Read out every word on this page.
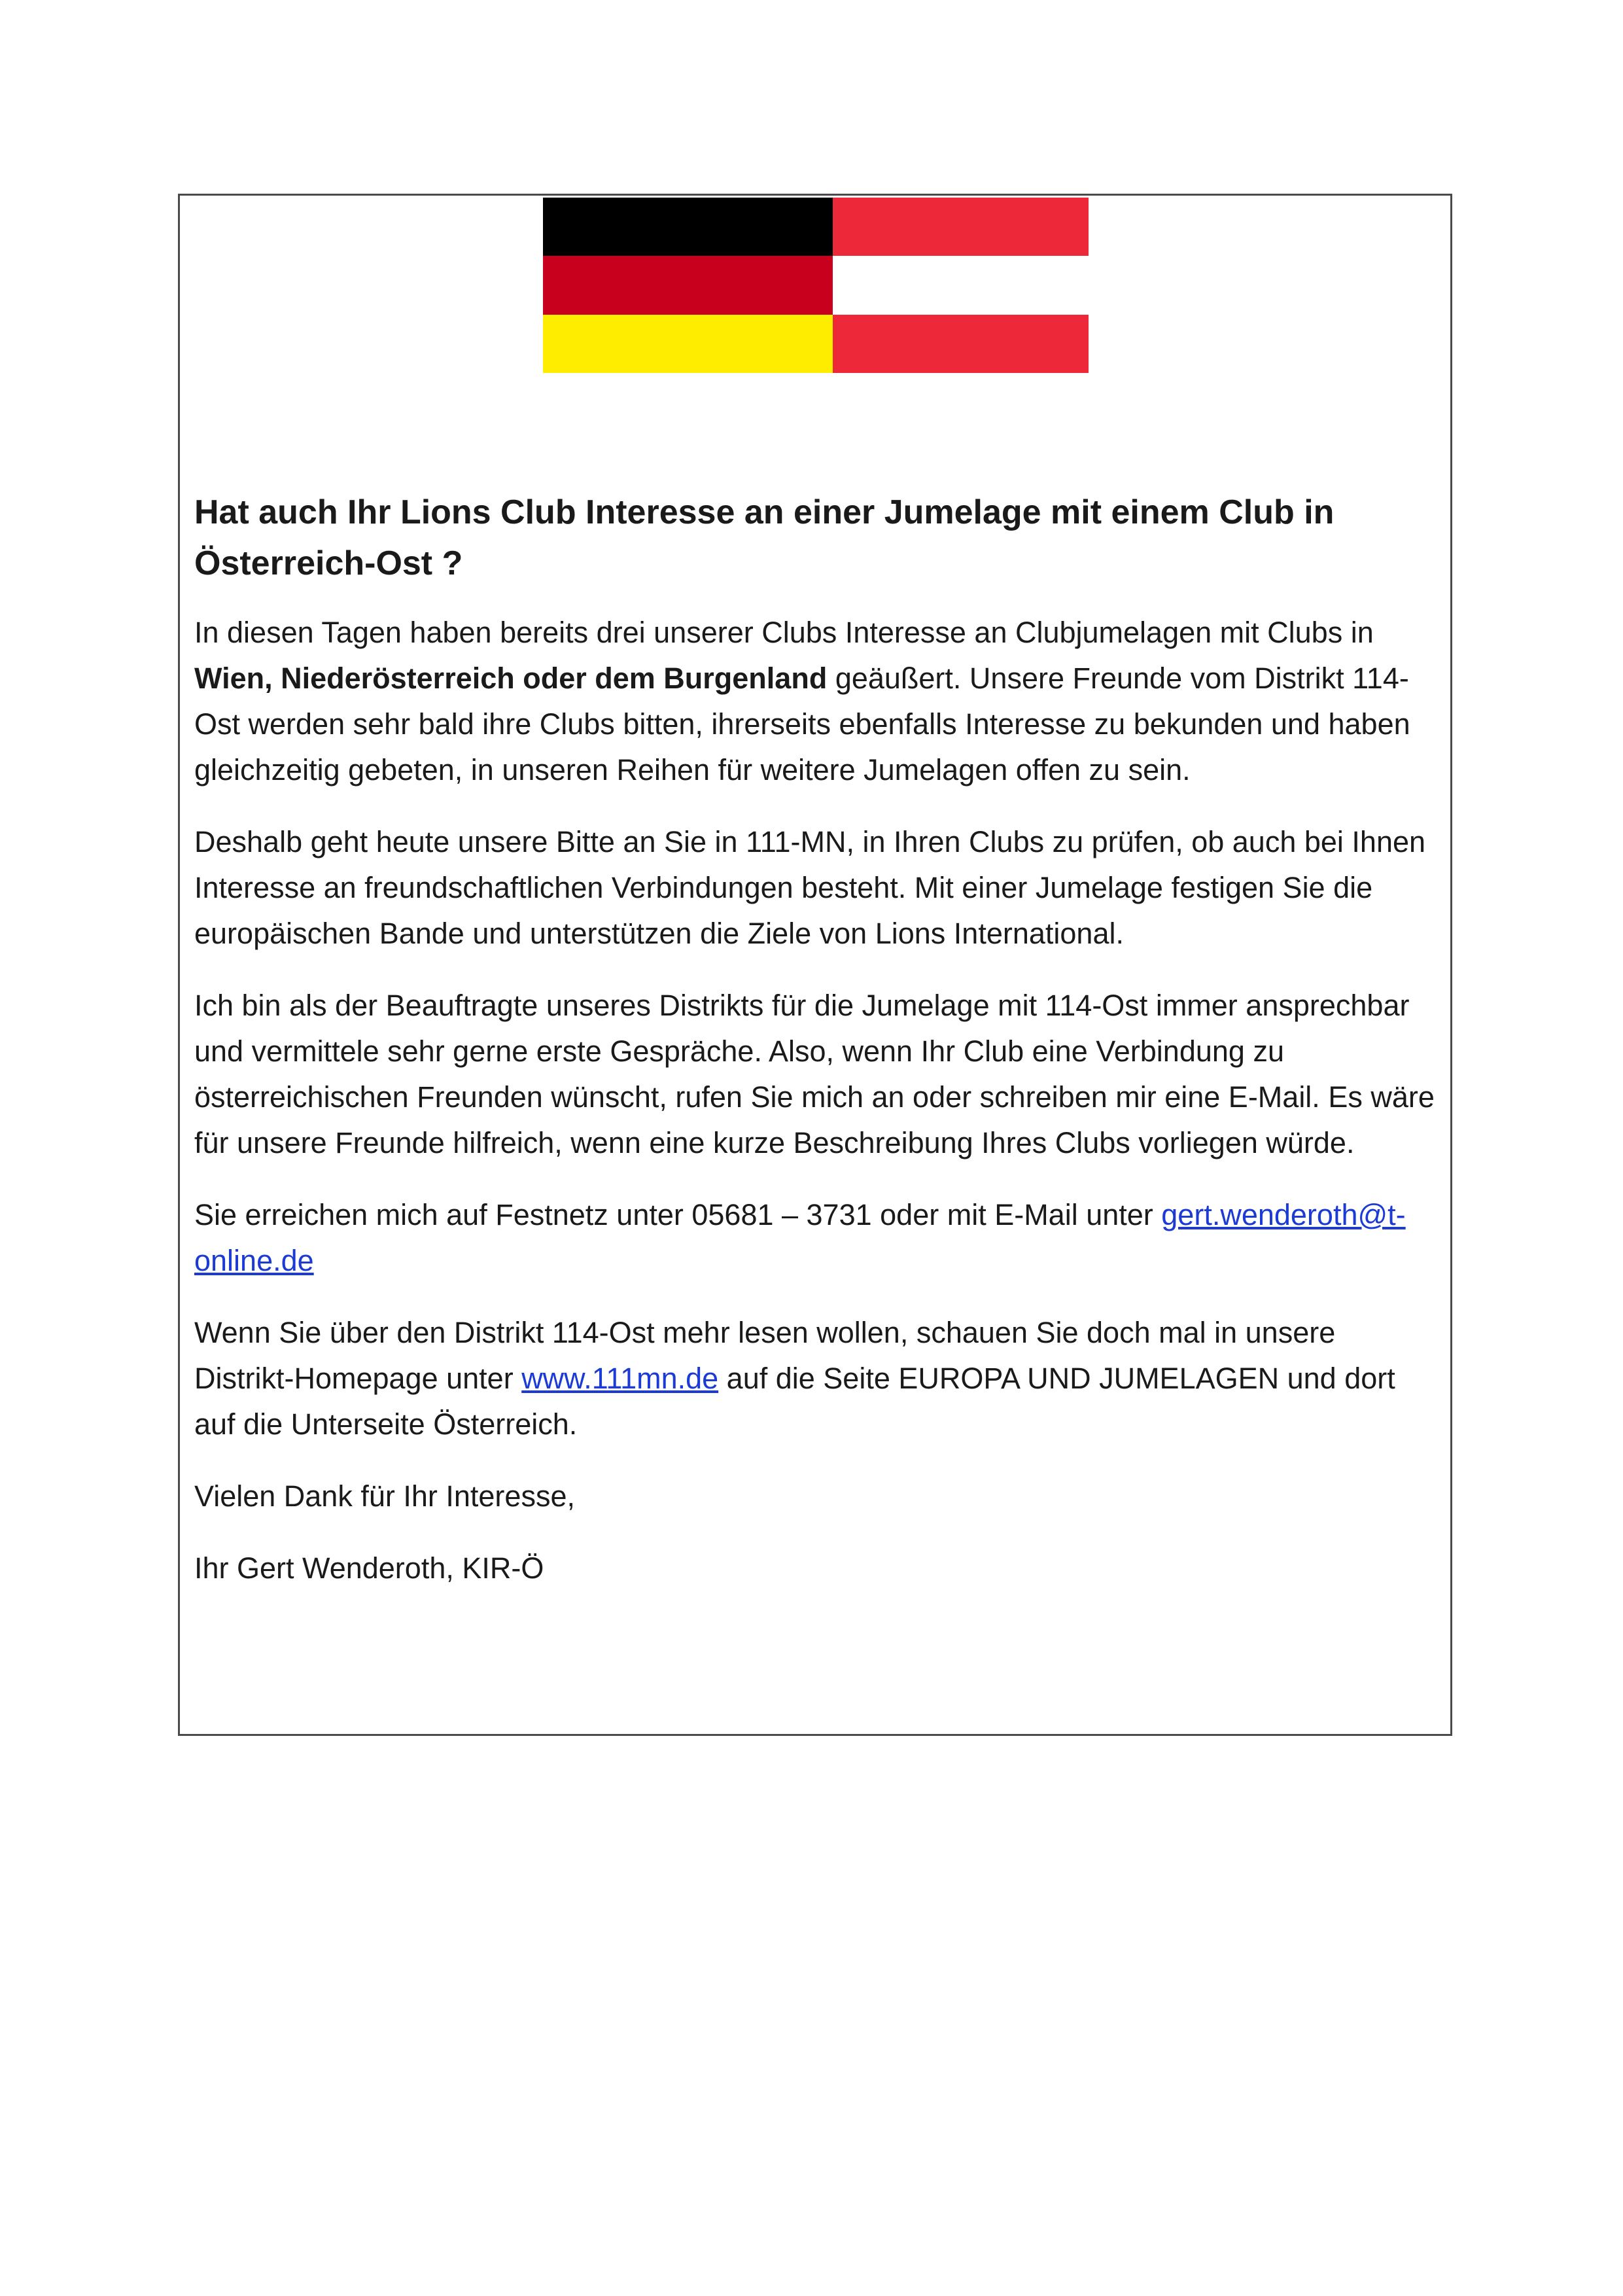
Hat auch Ihr Lions Club Interesse an einer Jumelage mit einem Club in Österreich-Ost ?

In diesen Tagen haben bereits drei unserer Clubs Interesse an Clubjumelagen mit Clubs in Wien, Niederösterreich oder dem Burgenland geäußert. Unsere Freunde vom Distrikt 114-Ost werden sehr bald ihre Clubs bitten, ihrerseits ebenfalls Interesse zu bekunden und haben gleichzeitig gebeten, in unseren Reihen für weitere Jumelagen offen zu sein.

Deshalb geht heute unsere Bitte an Sie in 111-MN, in Ihren Clubs zu prüfen, ob auch bei Ihnen Interesse an freundschaftlichen Verbindungen besteht. Mit einer Jumelage festigen Sie die europäischen Bande und unterstützen die Ziele von Lions International.

Ich bin als der Beauftragte unseres Distrikts für die Jumelage mit 114-Ost immer ansprechbar und vermittele sehr gerne erste Gespräche. Also, wenn Ihr Club eine Verbindung zu österreichischen Freunden wünscht, rufen Sie mich an oder schreiben mir eine E-Mail. Es wäre für unsere Freunde hilfreich, wenn eine kurze Beschreibung Ihres Clubs vorliegen würde.

Sie erreichen mich auf Festnetz unter 05681 – 3731 oder mit E-Mail unter gert.wenderoth@t-online.de

Wenn Sie über den Distrikt 114-Ost mehr lesen wollen, schauen Sie doch mal in unsere Distrikt-Homepage unter www.111mn.de auf die Seite EUROPA UND JUMELAGEN und dort auf die Unterseite Österreich.

Vielen Dank für Ihr Interesse,

Ihr Gert Wenderoth, KIR-Ö
